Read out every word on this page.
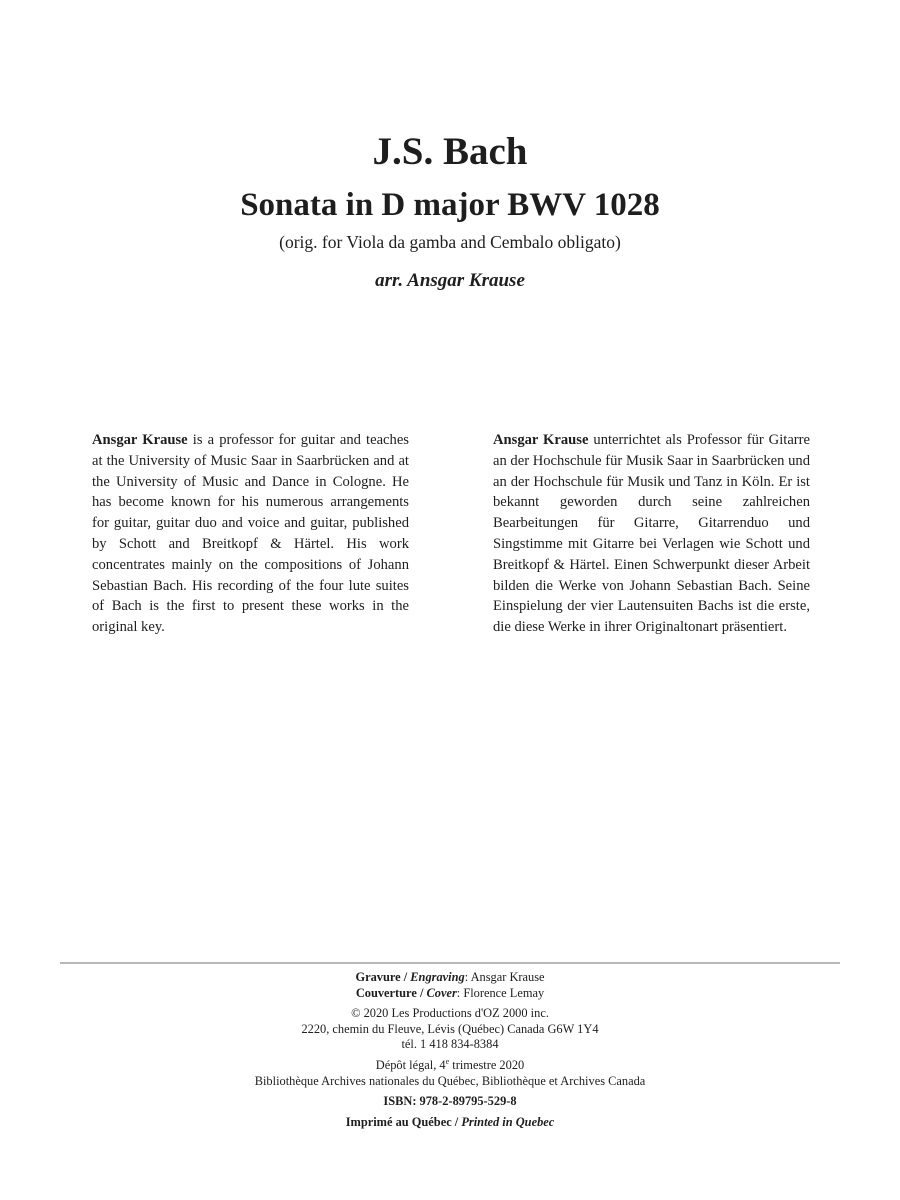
J.S. Bach
Sonata in D major BWV 1028

(orig. for Viola da gamba and Cembalo obligato)

arr. Ansgar Krause

Ansgar Krause is a professor for guitar and teaches at the University of Music Saar in Saarbrücken and at the University of Music and Dance in Cologne. He has become known for his numerous arrangements for guitar, guitar duo and voice and guitar, published by Schott and Breitkopf & Härtel. His work concentrates mainly on the compositions of Johann Sebastian Bach. His recording of the four lute suites of Bach is the first to present these works in the original key.

Ansgar Krause unterrichtet als Professor für Gitarre an der Hochschule für Musik Saar in Saarbrücken und an der Hochschule für Musik und Tanz in Köln. Er ist bekannt geworden durch seine zahlreichen Bearbeitungen für Gitarre, Gitarrenduo und Singstimme mit Gitarre bei Verlagen wie Schott und Breitkopf & Härtel. Einen Schwerpunkt dieser Arbeit bilden die Werke von Johann Sebastian Bach. Seine Einspielung der vier Lautensuiten Bachs ist die erste, die diese Werke in ihrer Originaltonart präsentiert.

Gravure / Engraving: Ansgar Krause

Couverture / Cover: Florence Lemay

© 2020 Les Productions d'OZ 2000 inc.

2220, chemin du Fleuve, Lévis (Québec) Canada G6W 1Y4

tél. 1 418 834-8384

Dépôt légal, 4e trimestre 2020

Bibliothèque Archives nationales du Québec, Bibliothèque et Archives Canada

ISBN: 978-2-89795-529-8

Imprimé au Québec / Printed in Quebec
